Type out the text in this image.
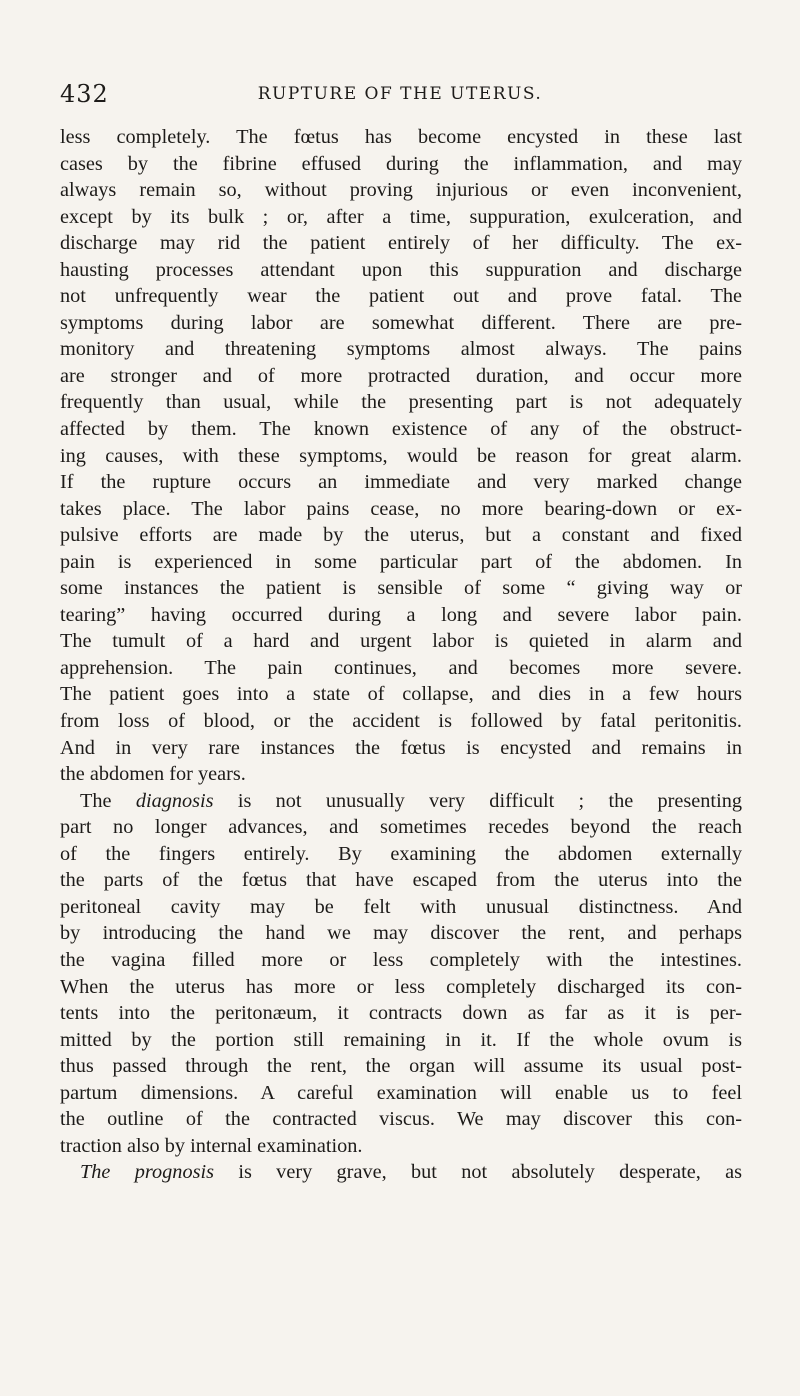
432	RUPTURE OF THE UTERUS.
less completely. The fœtus has become encysted in these last
cases by the fibrine effused during the inflammation, and may
always remain so, without proving injurious or even inconvenient,
except by its bulk ; or, after a time, suppuration, exulceration, and
discharge may rid the patient entirely of her difficulty. The ex-
hausting processes attendant upon this suppuration and discharge
not unfrequently wear the patient out and prove fatal. The
symptoms during labor are somewhat different. There are pre-
monitory and threatening symptoms almost always. The pains
are stronger and of more protracted duration, and occur more
frequently than usual, while the presenting part is not adequately
affected by them. The known existence of any of the obstruct-
ing causes, with these symptoms, would be reason for great alarm.
If the rupture occurs an immediate and very marked change
takes place. The labor pains cease, no more bearing-down or ex-
pulsive efforts are made by the uterus, but a constant and fixed
pain is experienced in some particular part of the abdomen. In
some instances the patient is sensible of some “ giving way or
tearing” having occurred during a long and severe labor pain.
The tumult of a hard and urgent labor is quieted in alarm and
apprehension. The pain continues, and becomes more severe.
The patient goes into a state of collapse, and dies in a few hours
from loss of blood, or the accident is followed by fatal peritonitis.
And in very rare instances the fœtus is encysted and remains in
the abdomen for years.
The diagnosis is not unusually very difficult ; the presenting
part no longer advances, and sometimes recedes beyond the reach
of the fingers entirely. By examining the abdomen externally
the parts of the fœtus that have escaped from the uterus into the
peritoneal cavity may be felt with unusual distinctness. And
by introducing the hand we may discover the rent, and perhaps
the vagina filled more or less completely with the intestines.
When the uterus has more or less completely discharged its con-
tents into the peritonæum, it contracts down as far as it is per-
mitted by the portion still remaining in it. If the whole ovum is
thus passed through the rent, the organ will assume its usual post-
partum dimensions. A careful examination will enable us to feel
the outline of the contracted viscus. We may discover this con-
traction also by internal examination.
The prognosis is very grave, but not absolutely desperate, as
